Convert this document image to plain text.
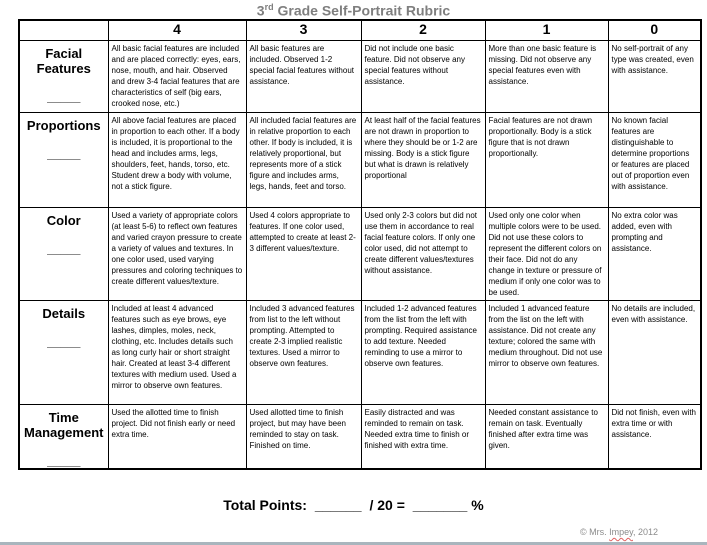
3rd Grade Self-Portrait Rubric
	4	3	2	1	0

Facial Features
_____	All basic facial features are included and are placed correctly: eyes, ears, nose, mouth, and hair. Observed and drew 3-4 facial features that are characteristics of self (big ears, crooked nose, etc.)	All basic features are included. Observed 1-2 special facial features without assistance.	Did not include one basic feature. Did not observe any special features without assistance.	More than one basic feature is missing. Did not observe any special features even with assistance.	No self-portrait of any type was created, even with assistance.

Proportions
_____
	All above facial features are placed in proportion to each other. If a body is included, it is proportional to the head and includes arms, legs, shoulders, feet, hands, torso, etc. Student drew a body with volume, not a stick figure.	All included facial features are in relative proportion to each other. If body is included, it is relatively proportional, but represents more of a stick figure and includes arms, legs, hands, feet and torso.	At least half of the facial features are not drawn in proportion to where they should be or 1-2 are missing. Body is a stick figure but what is drawn is relatively proportional	Facial features are not drawn proportionally. Body is a stick figure that is not drawn proportionally.	No known facial features are distinguishable to determine proportions or features are placed out of proportion even with assistance.

Color
_____
	Used a variety of appropriate colors (at least 5-6) to reflect own features and varied crayon pressure to create a variety of values and textures. In one color used, used varying pressures and coloring techniques to create different values/texture.	Used 4 colors appropriate to features. If one color used, attempted to create at least 2-3 different values/texture.	Used only 2-3 colors but did not use them in accordance to real facial feature colors. If only one color used, did not attempt to create different values/textures without assistance.	Used only one color when multiple colors were to be used. Did not use these colors to represent the different colors on their face. Did not do any change in texture or pressure of medium if only one color was to be used.	No extra color was added, even with prompting and assistance.

Details
_____	Included at least 4 advanced features such as eye brows, eye lashes, dimples, moles, neck, clothing, etc. Includes details such as long curly hair or short straight hair. Created at least 3-4 different textures with medium used. Used a mirror to observe own features.	Included 3 advanced features from list to the left without prompting. Attempted to create 2-3 implied realistic textures. Used a mirror to observe own features.	Included 1-2 advanced features from the list from the left with prompting. Required assistance to add texture. Needed reminding to use a mirror to observe own features.	Included 1 advanced feature from the list on the left with assistance. Did not create any texture; colored the same with medium throughout. Did not use mirror to observe own features.	No details are included, even with assistance.

Time Management
_____	Used the allotted time to finish project. Did not finish early or need extra time.	Used allotted time to finish project, but may have been reminded to stay on task. Finished on time.	Easily distracted and was reminded to remain on task. Needed extra time to finish or finished with extra time.	Needed constant assistance to remain on task. Eventually finished after extra time was given.	Did not finish, even with extra time or with assistance.
Total Points: ______ / 20 = _______ %
© Mrs. Impey, 2012
